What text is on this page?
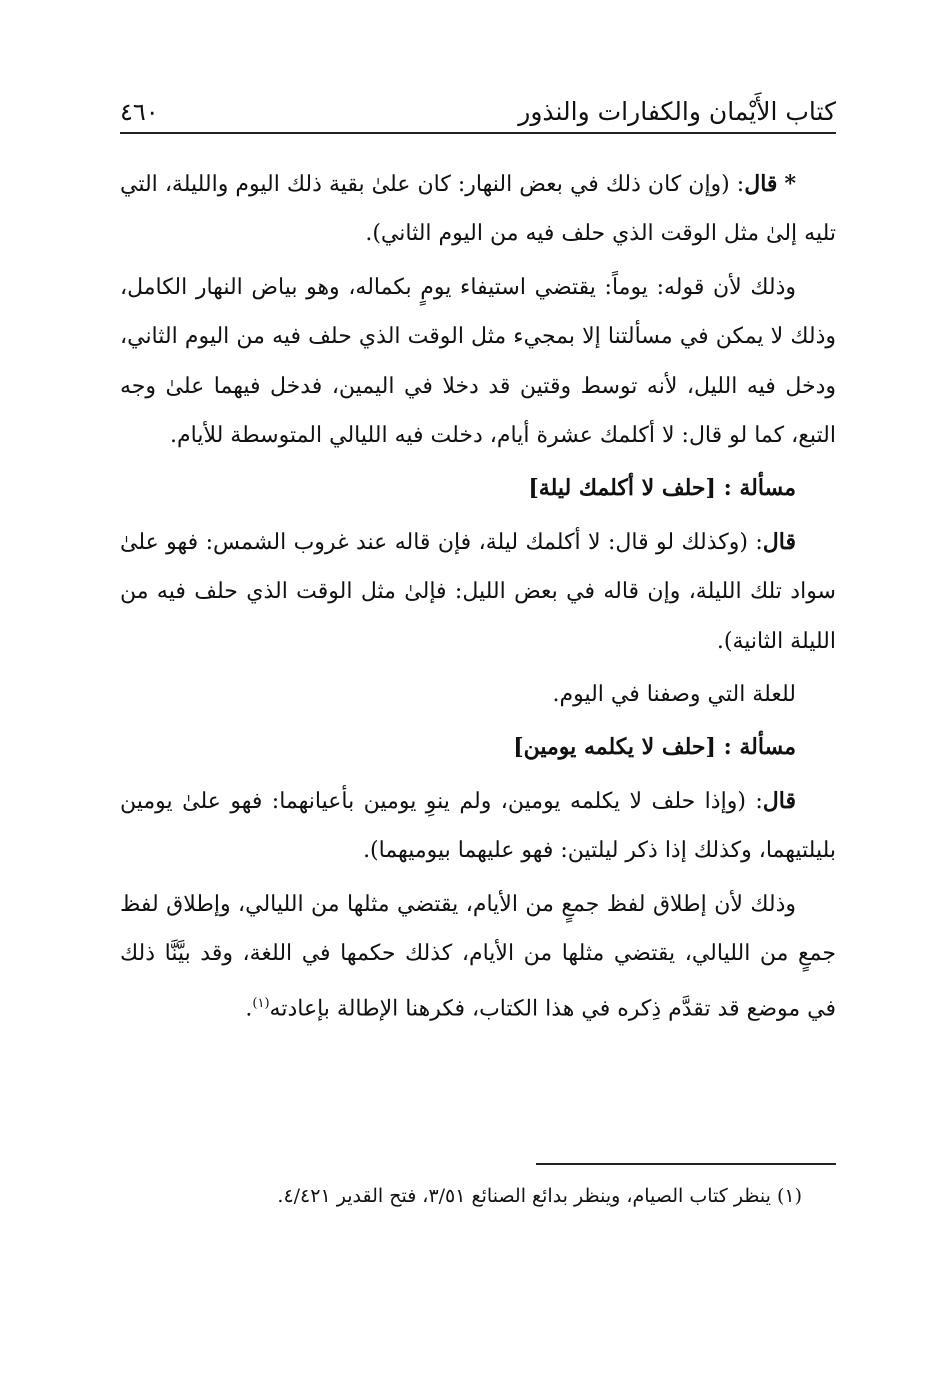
كتاب الأَيْمان والكفارات والنذور
٤٦٠

* قال: (وإن كان ذلك في بعض النهار: كان علىٰ بقية ذلك اليوم والليلة، التي تليه إلىٰ مثل الوقت الذي حلف فيه من اليوم الثاني).

وذلك لأن قوله: يوماً: يقتضي استيفاء يومٍ بكماله، وهو بياض النهار الكامل، وذلك لا يمكن في مسألتنا إلا بمجيء مثل الوقت الذي حلف فيه من اليوم الثاني، ودخل فيه الليل، لأنه توسط وقتين قد دخلا في اليمين، فدخل فيهما علىٰ وجه التبع، كما لو قال: لا أكلمك عشرة أيام، دخلت فيه الليالي المتوسطة للأيام.

مسألة : [حلف لا أكلمك ليلة]

قال: (وكذلك لو قال: لا أكلمك ليلة، فإن قاله عند غروب الشمس: فهو علىٰ سواد تلك الليلة، وإن قاله في بعض الليل: فإلىٰ مثل الوقت الذي حلف فيه من الليلة الثانية).

للعلة التي وصفنا في اليوم.

مسألة : [حلف لا يكلمه يومين]

قال: (وإذا حلف لا يكلمه يومين، ولم ينوِ يومين بأعيانهما: فهو علىٰ يومين بليلتيهما، وكذلك إذا ذكر ليلتين: فهو عليهما بيوميهما).

وذلك لأن إطلاق لفظ جمعٍ من الأيام، يقتضي مثلها من الليالي، وإطلاق لفظ جمعٍ من الليالي، يقتضي مثلها من الأيام، كذلك حكمها في اللغة، وقد بيَّنَّا ذلك في موضع قد تقدَّم ذِكره في هذا الكتاب، فكرهنا الإطالة بإعادته$^{(١)}$.

(١) ينظر كتاب الصيام، وينظر بدائع الصنائع ٣/٥١، فتح القدير ٤/٤٢١.
